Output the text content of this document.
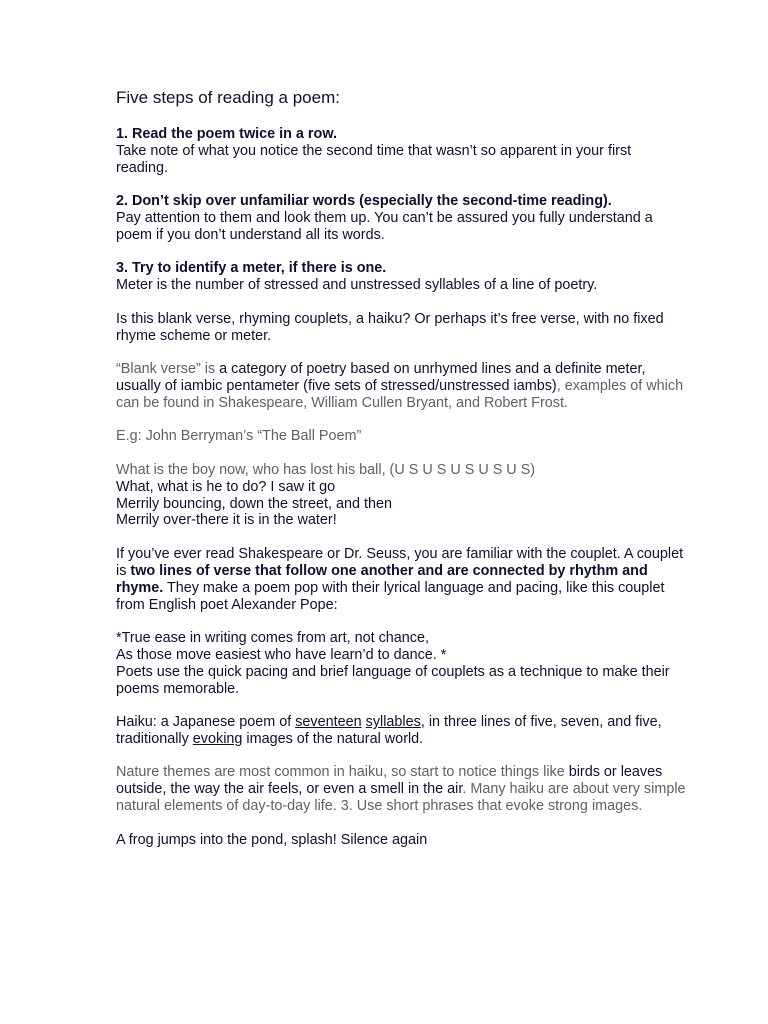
Five steps of reading a poem:

1. Read the poem twice in a row.
Take note of what you notice the second time that wasn’t so apparent in your first reading.

2. Don’t skip over unfamiliar words (especially the second-time reading).
Pay attention to them and look them up. You can’t be assured you fully understand a poem if you don’t understand all its words.

3. Try to identify a meter, if there is one.
Meter is the number of stressed and unstressed syllables of a line of poetry.

Is this blank verse, rhyming couplets, a haiku? Or perhaps it’s free verse, with no fixed rhyme scheme or meter.

“Blank verse” is a category of poetry based on unrhymed lines and a definite meter, usually of iambic pentameter (five sets of stressed/unstressed iambs), examples of which can be found in Shakespeare, William Cullen Bryant, and Robert Frost.

E.g: John Berryman’s “The Ball Poem”

What is the boy now, who has lost his ball, (U S U S U S U S U S)
What, what is he to do? I saw it go
Merrily bouncing, down the street, and then
Merrily over-there it is in the water!

If you’ve ever read Shakespeare or Dr. Seuss, you are familiar with the couplet. A couplet is two lines of verse that follow one another and are connected by rhythm and rhyme. They make a poem pop with their lyrical language and pacing, like this couplet from English poet Alexander Pope:

*True ease in writing comes from art, not chance,
As those move easiest who have learn’d to dance. *
Poets use the quick pacing and brief language of couplets as a technique to make their poems memorable.

Haiku: a Japanese poem of seventeen syllables, in three lines of five, seven, and five, traditionally evoking images of the natural world.

Nature themes are most common in haiku, so start to notice things like birds or leaves outside, the way the air feels, or even a smell in the air. Many haiku are about very simple natural elements of day-to-day life. 3. Use short phrases that evoke strong images.

A frog jumps into the pond, splash! Silence again
